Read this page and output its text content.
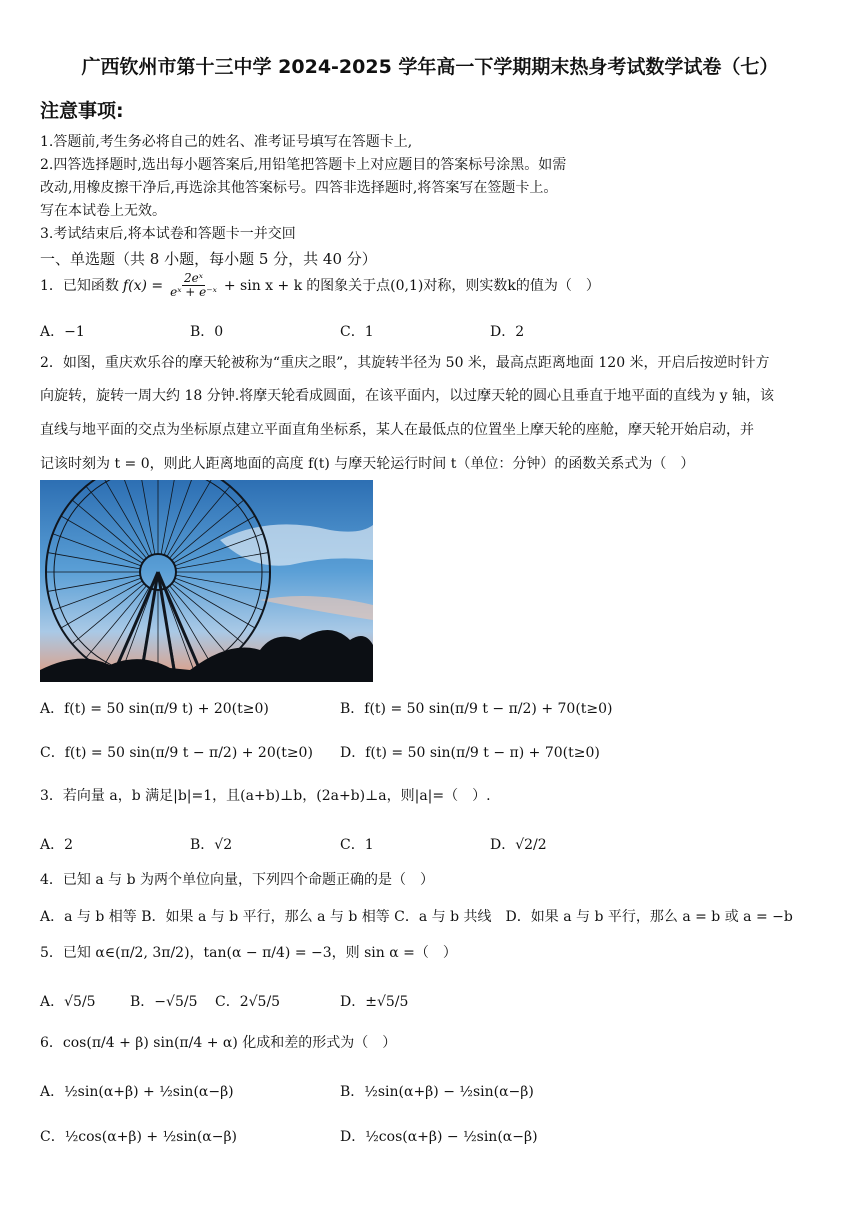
广西钦州市第十三中学 2024-2025 学年高一下学期期末热身考试数学试卷（七）
注意事项:
1.答题前,考生务必将自己的姓名、准考证号填写在答题卡上,
2.四答选择题时,选出每小题答案后,用铅笔把答题卡上对应题目的答案标号涂黑。如需
改动,用橡皮擦干净后,再选涂其他答案标号。四答非选择题时,将答案写在签题卡上。
写在本试卷上无效。
3.考试结束后,将本试卷和答题卡一并交回
一、单选题（共 8 小题，每小题 5 分，共 40 分）
1．已知函数 $f(x) = \frac{\text{2eˣ}}{\text{eˣ + e⁻ˣ}} + \sin x + k$ 的图象关于点(0,1)对称，则实数k的值为（　）
A．−1	B．0	C．1	D．2
2．如图，重庆欢乐谷的摩天轮被称为“重庆之眼”，其旋转半径为 50 米，最高点距离地面 120 米，开启后按逆时针方
向旋转，旋转一周大约 18 分钟.将摩天轮看成圆面，在该平面内，以过摩天轮的圆心且垂直于地平面的直线为 y 轴，该
直线与地平面的交点为坐标原点建立平面直角坐标系，某人在最低点的位置坐上摩天轮的座舱，摩天轮开始启动，并
记该时刻为 t = 0，则此人距离地面的高度 f(t) 与摩天轮运行时间 t（单位：分钟）的函数关系式为（　）
A．f(t) = 50 sin(π/9 t) + 20(t≥0)	B．f(t) = 50 sin(π/9 t − π/2) + 70(t≥0)
C．f(t) = 50 sin(π/9 t − π/2) + 20(t≥0) D．f(t) = 50 sin(π/9 t − π) + 70(t≥0)
3．若向量 a，b 满足|b|=1，且(a+b)⊥b，(2a+b)⊥a，则|a|=（　）.
A．2	B．√2	C．1	D．√2/2
4．已知 a 与 b 为两个单位向量，下列四个命题正确的是（　）
A．a 与 b 相等 B．如果 a 与 b 平行，那么 a 与 b 相等 C．a 与 b 共线　D．如果 a 与 b 平行，那么 a = b 或 a = −b
5．已知 α∈(π/2, 3π/2)，tan(α − π/4) = −3，则 sin α =（　）
A．√5/5 B．−√5/5 C．2√5/5	D．±√5/5
6．cos(π/4 + β) sin(π/4 + α) 化成和差的形式为（　）
A．½sin(α+β) + ½sin(α−β)	B．½sin(α+β) − ½sin(α−β)
C．½cos(α+β) + ½sin(α−β)	D．½cos(α+β) − ½sin(α−β)
